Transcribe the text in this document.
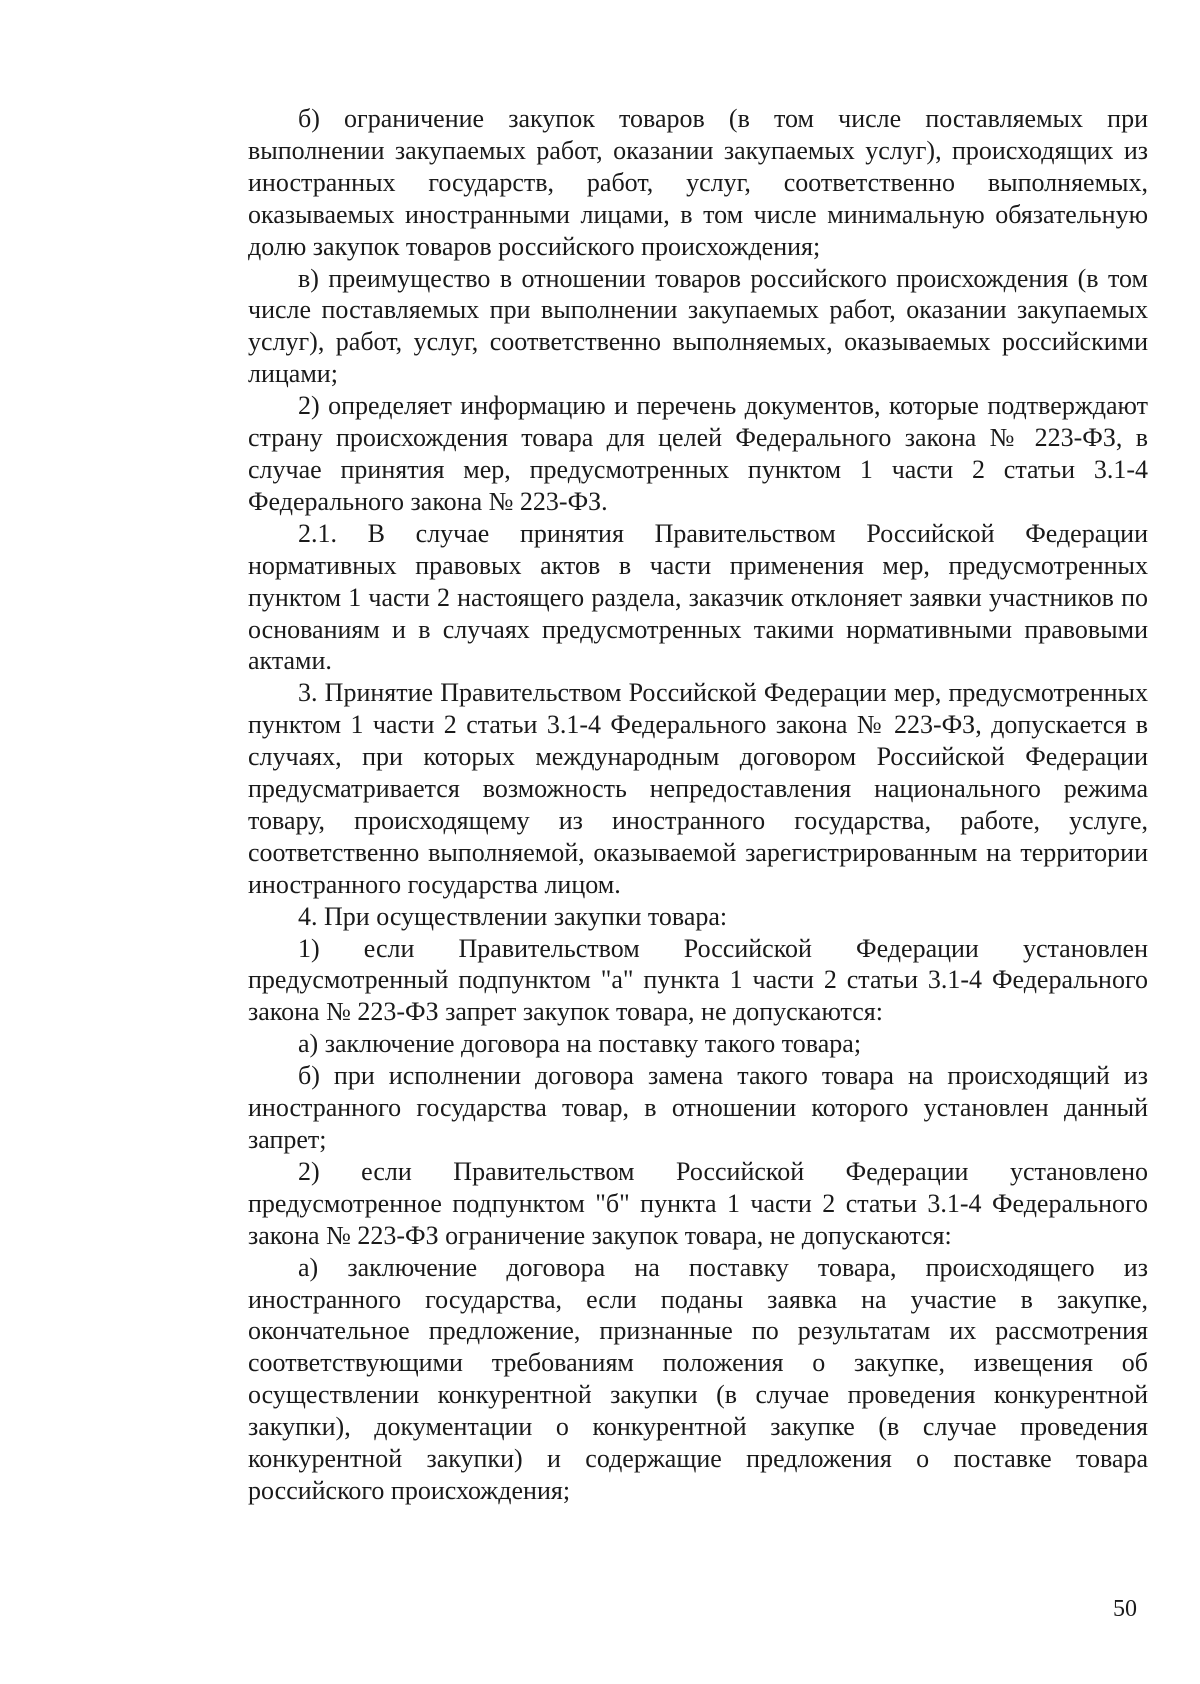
б) ограничение закупок товаров (в том числе поставляемых при выполнении закупаемых работ, оказании закупаемых услуг), происходящих из иностранных государств, работ, услуг, соответственно выполняемых, оказываемых иностранными лицами, в том числе минимальную обязательную долю закупок товаров российского происхождения;

в) преимущество в отношении товаров российского происхождения (в том числе поставляемых при выполнении закупаемых работ, оказании закупаемых услуг), работ, услуг, соответственно выполняемых, оказываемых российскими лицами;

2) определяет информацию и перечень документов, которые подтверждают страну происхождения товара для целей Федерального закона № 223-ФЗ, в случае принятия мер, предусмотренных пунктом 1 части 2 статьи 3.1-4 Федерального закона № 223-ФЗ.

2.1. В случае принятия Правительством Российской Федерации нормативных правовых актов в части применения мер, предусмотренных пунктом 1 части 2 настоящего раздела, заказчик отклоняет заявки участников по основаниям и в случаях предусмотренных такими нормативными правовыми актами.

3. Принятие Правительством Российской Федерации мер, предусмотренных пунктом 1 части 2 статьи 3.1-4 Федерального закона № 223-ФЗ, допускается в случаях, при которых международным договором Российской Федерации предусматривается возможность непредоставления национального режима товару, происходящему из иностранного государства, работе, услуге, соответственно выполняемой, оказываемой зарегистрированным на территории иностранного государства лицом.

4. При осуществлении закупки товара:

1) если Правительством Российской Федерации установлен предусмотренный подпунктом "а" пункта 1 части 2 статьи 3.1-4 Федерального закона № 223-ФЗ запрет закупок товара, не допускаются:

а) заключение договора на поставку такого товара;

б) при исполнении договора замена такого товара на происходящий из иностранного государства товар, в отношении которого установлен данный запрет;

2) если Правительством Российской Федерации установлено предусмотренное подпунктом "б" пункта 1 части 2 статьи 3.1-4 Федерального закона № 223-ФЗ ограничение закупок товара, не допускаются:

а) заключение договора на поставку товара, происходящего из иностранного государства, если поданы заявка на участие в закупке, окончательное предложение, признанные по результатам их рассмотрения соответствующими требованиям положения о закупке, извещения об осуществлении конкурентной закупки (в случае проведения конкурентной закупки), документации о конкурентной закупке (в случае проведения конкурентной закупки) и содержащие предложения о поставке товара российского происхождения;

50
